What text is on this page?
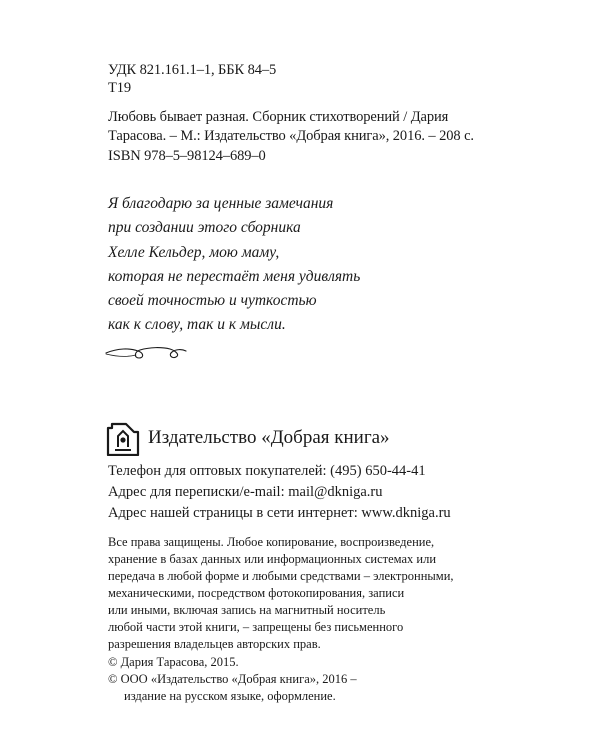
УДК 821.161.1–1, ББК 84–5
Т19
Любовь бывает разная. Сборник стихотворений / Дария
Тарасова. – М.: Издательство «Добрая книга», 2016. – 208 с.
ISBN 978–5–98124–689–0
Я благодарю за ценные замечания
при создании этого сборника
Хелле Кельдер, мою маму,
которая не перестаёт меня удивлять
своей точностью и чуткостью
как к слову, так и к мысли.
Издательство «Добрая книга»
Телефон для оптовых покупателей: (495) 650-44-41
Адрес для переписки/e-mail: mail@dkniga.ru
Адрес нашей страницы в сети интернет: www.dkniga.ru
Все права защищены. Любое копирование, воспроизведение,
хранение в базах данных или информационных системах или
передача в любой форме и любыми средствами – электронными,
механическими, посредством фотокопирования, записи
или иными, включая запись на магнитный носитель
любой части этой книги, – запрещены без письменного
разрешения владельцев авторских прав.
© Дария Тарасова, 2015.
© ООО «Издательство «Добрая книга», 2016 –
издание на русском языке, оформление.
